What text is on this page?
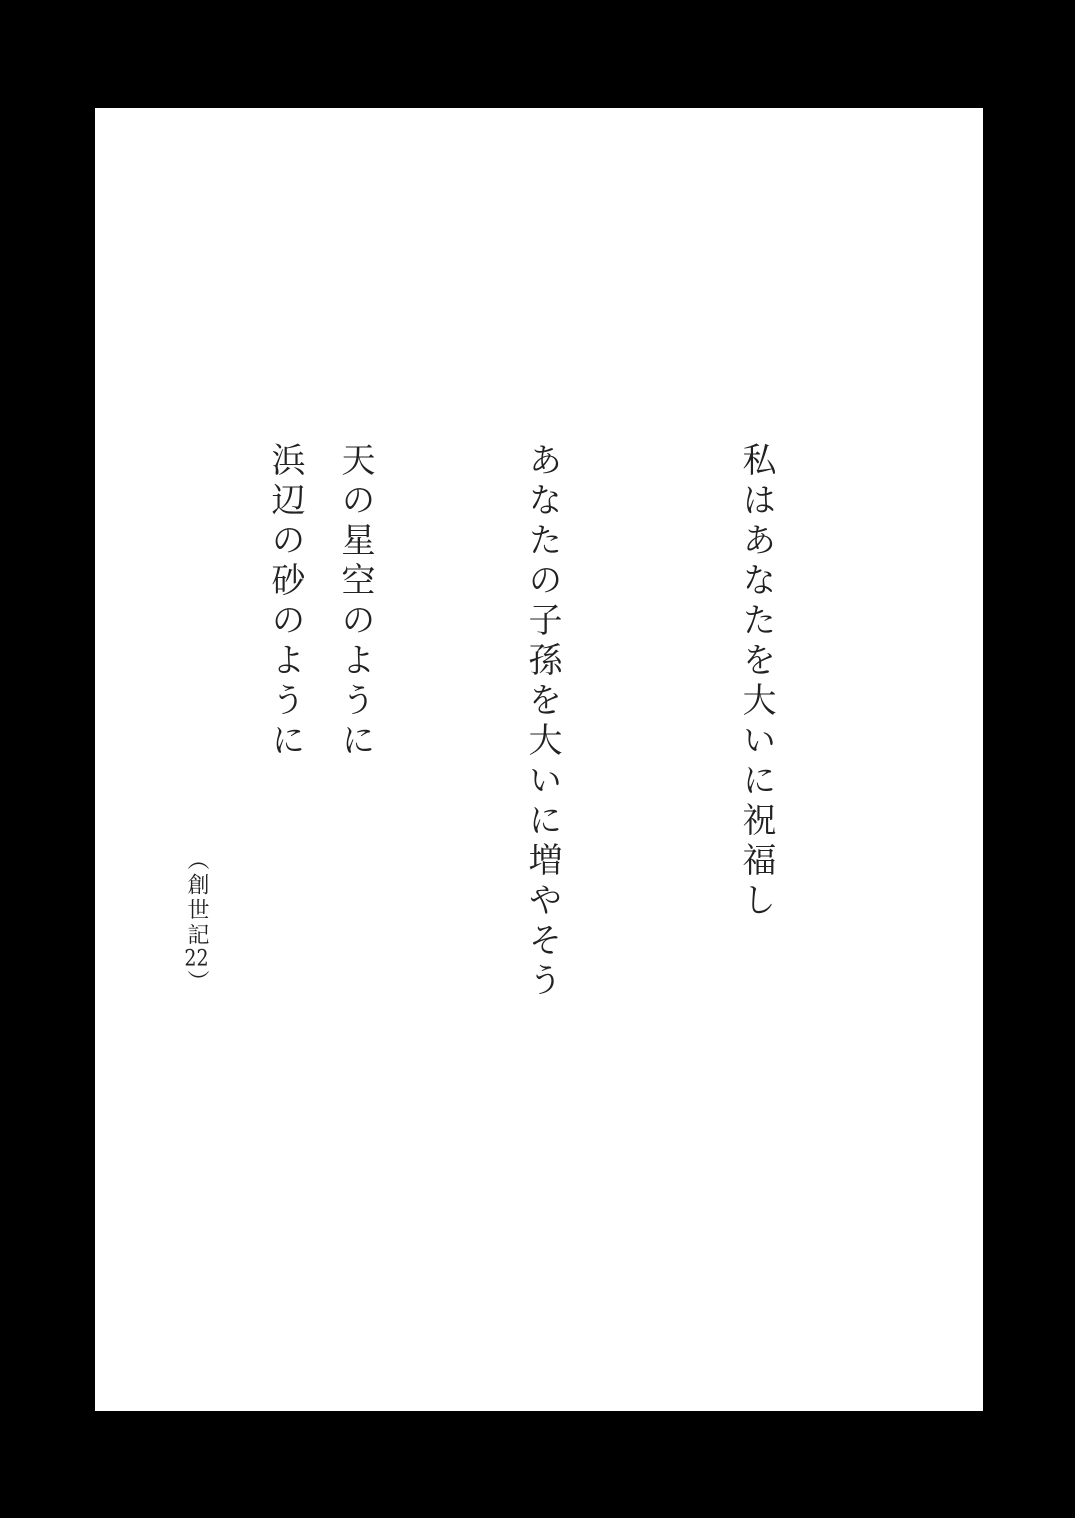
私はあなたを大いに祝福し
あなたの子孫を大いに増やそう
天の星空のように
浜辺の砂のように
（創世記22）
